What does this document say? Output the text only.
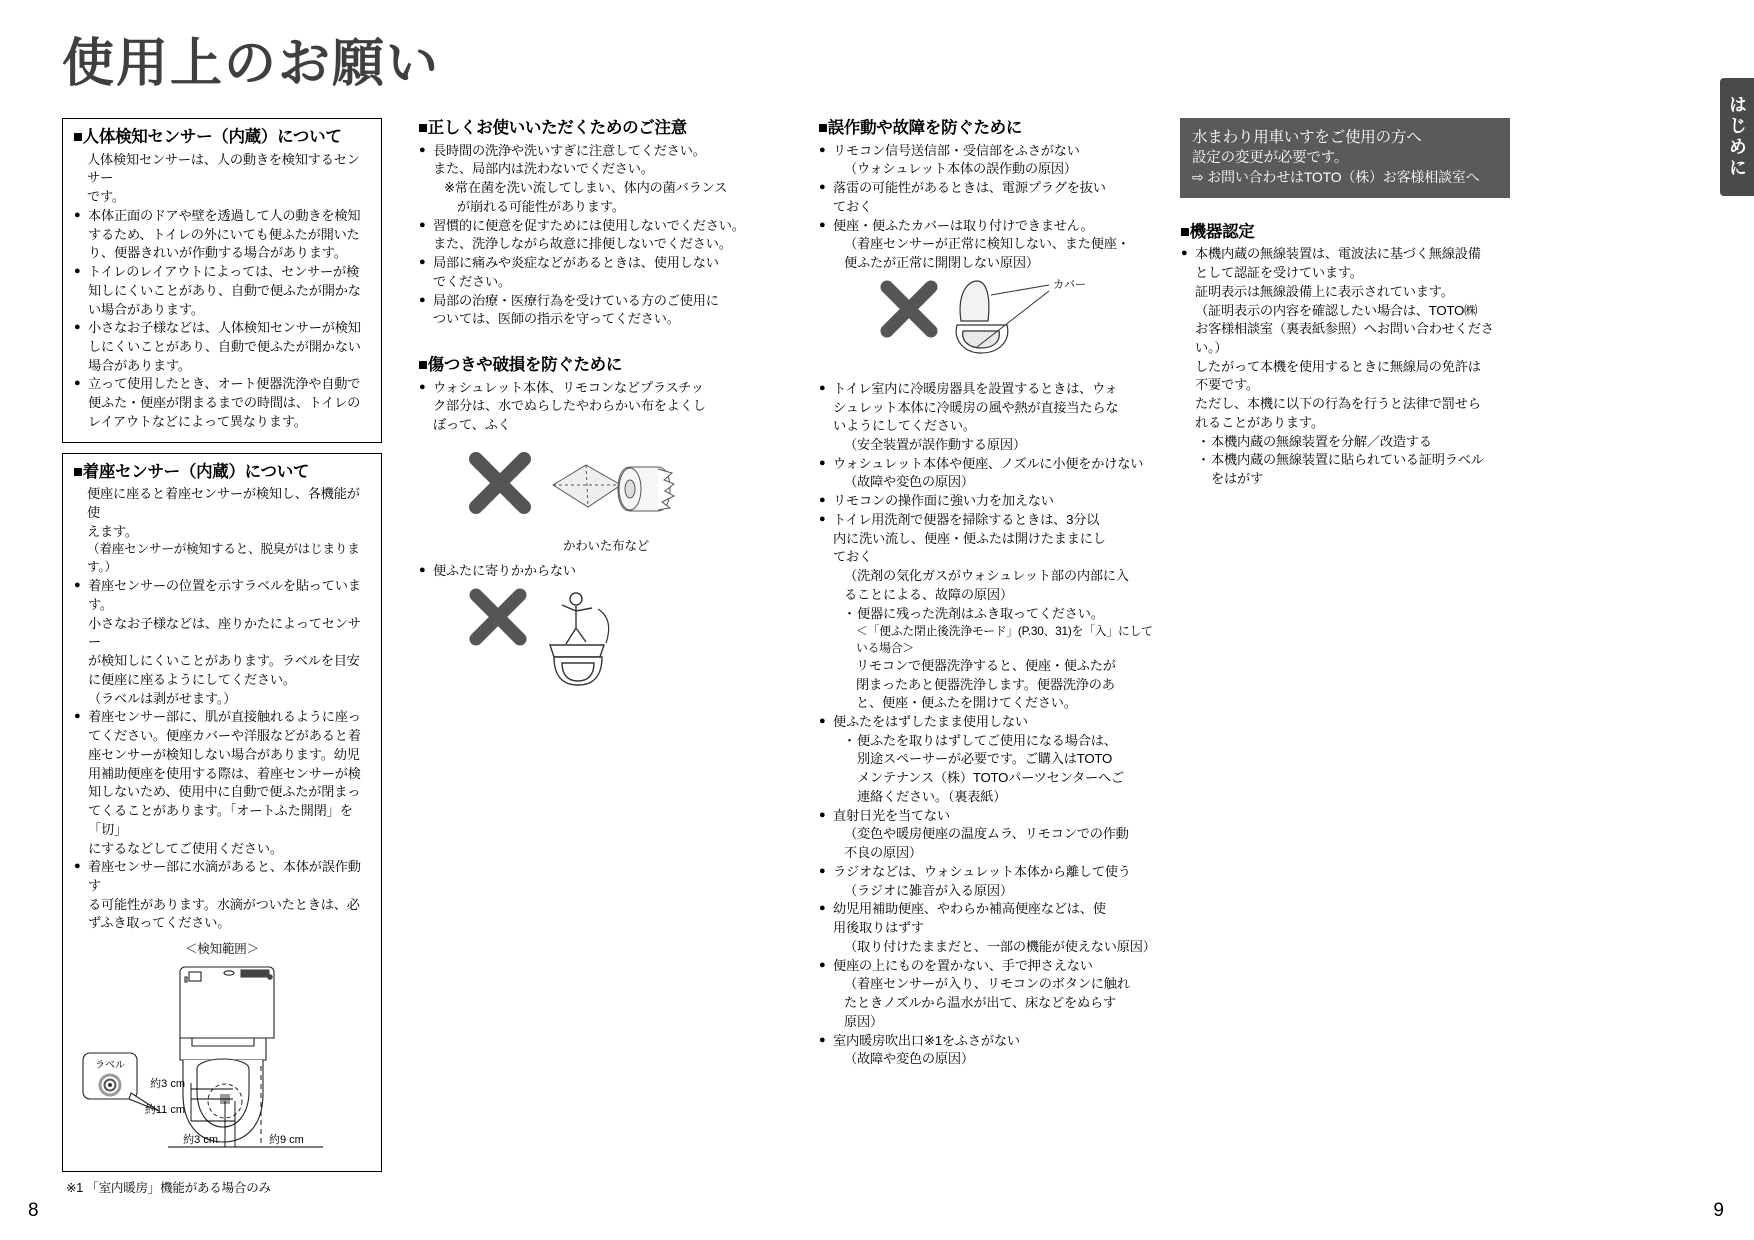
使用上のお願い
はじめに
■人体検知センサー（内蔵）について
人体検知センサーは、人の動きを検知するセンサー
です。
● 本体正面のドアや壁を透過して人の動きを検知
するため、トイレの外にいても便ふたが開いた
り、便器きれいが作動する場合があります。
● トイレのレイアウトによっては、センサーが検
知しにくいことがあり、自動で便ふたが開かな
い場合があります。
● 小さなお子様などは、人体検知センサーが検知
しにくいことがあり、自動で便ふたが開かない
場合があります。
● 立って使用したとき、オート便器洗浄や自動で
便ふた・便座が閉まるまでの時間は、トイレの
レイアウトなどによって異なります。
■着座センサー（内蔵）について
便座に座ると着座センサーが検知し、各機能が使
えます。
（着座センサーが検知すると、脱臭がはじまります。）
● 着座センサーの位置を示すラベルを貼っています。
小さなお子様などは、座りかたによってセンサー
が検知しにくいことがあります。ラベルを目安
に便座に座るようにしてください。
（ラベルは剥がせます。）
● 着座センサー部に、肌が直接触れるように座っ
てください。便座カバーや洋服などがあると着
座センサーが検知しない場合があります。幼児
用補助便座を使用する際は、着座センサーが検
知しないため、使用中に自動で便ふたが閉まっ
てくることがあります。「オートふた開閉」を「切」
にするなどしてご使用ください。
● 着座センサー部に水滴があると、本体が誤作動す
る可能性があります。水滴がついたときは、必
ずふき取ってください。
＜検知範囲＞
ラベル
約3 cm
約11 cm
約3 cm	約9 cm
■正しくお使いいただくためのご注意
● 長時間の洗浄や洗いすぎに注意してください。
また、局部内は洗わないでください。
※常在菌を洗い流してしまい、体内の菌バランス
　が崩れる可能性があります。
● 習慣的に便意を促すためには使用しないでください。
また、洗浄しながら故意に排便しないでください。
● 局部に痛みや炎症などがあるときは、使用しない
でください。
● 局部の治療・医療行為を受けている方のご使用に
ついては、医師の指示を守ってください。
■傷つきや破損を防ぐために
● ウォシュレット本体、リモコンなどプラスチッ
ク部分は、水でぬらしたやわらかい布をよくし
ぼって、ふく
かわいた布など
● 便ふたに寄りかからない
■誤作動や故障を防ぐために
● リモコン信号送信部・受信部をふさがない
（ウォシュレット本体の誤作動の原因）
● 落雷の可能性があるときは、電源プラグを抜い
ておく
● 便座・便ふたカバーは取り付けできません。
（着座センサーが正常に検知しない、また便座・
便ふたが正常に開閉しない原因）
カバー
● トイレ室内に冷暖房器具を設置するときは、ウォ
シュレット本体に冷暖房の風や熱が直接当たらな
いようにしてください。
（安全装置が誤作動する原因）
● ウォシュレット本体や便座、ノズルに小便をかけない
（故障や変色の原因）
● リモコンの操作面に強い力を加えない
● トイレ用洗剤で便器を掃除するときは、3分以
内に洗い流し、便座・便ふたは開けたままにし
ておく
（洗剤の気化ガスがウォシュレット部の内部に入
ることによる、故障の原因）
・ 便器に残った洗剤はふき取ってください。
＜「便ふた閉止後洗浄モード」(P.30、31)を「入」にしている場合＞
リモコンで便器洗浄すると、便座・便ふたが
閉まったあと便器洗浄します。便器洗浄のあ
と、便座・便ふたを開けてください。
● 便ふたをはずしたまま使用しない
・ 便ふたを取りはずしてご使用になる場合は、
別途スペーサーが必要です。ご購入はTOTO
メンテナンス（株）TOTOパーツセンターへご
連絡ください。（裏表紙）
● 直射日光を当てない
（変色や暖房便座の温度ムラ、リモコンでの作動
不良の原因）
● ラジオなどは、ウォシュレット本体から離して使う
（ラジオに雑音が入る原因）
● 幼児用補助便座、やわらか補高便座などは、使
用後取りはずす
（取り付けたままだと、一部の機能が使えない原因）
● 便座の上にものを置かない、手で押さえない
（着座センサーが入り、リモコンのボタンに触れ
たときノズルから温水が出て、床などをぬらす
原因）
● 室内暖房吹出口※1をふさがない
（故障や変色の原因）
水まわり用車いすをご使用の方へ
設定の変更が必要です。
⇨ お問い合わせはTOTO（株）お客様相談室へ
■機器認定
● 本機内蔵の無線装置は、電波法に基づく無線設備
として認証を受けています。
証明表示は無線設備上に表示されています。
（証明表示の内容を確認したい場合は、TOTO㈱
お客様相談室（裏表紙参照）へお問い合わせくださ
い。）
したがって本機を使用するときに無線局の免許は
不要です。
ただし、本機に以下の行為を行うと法律で罰せら
れることがあります。
・ 本機内蔵の無線装置を分解／改造する
・ 本機内蔵の無線装置に貼られている証明ラベル
をはがす
※1 「室内暖房」機能がある場合のみ
8	9
